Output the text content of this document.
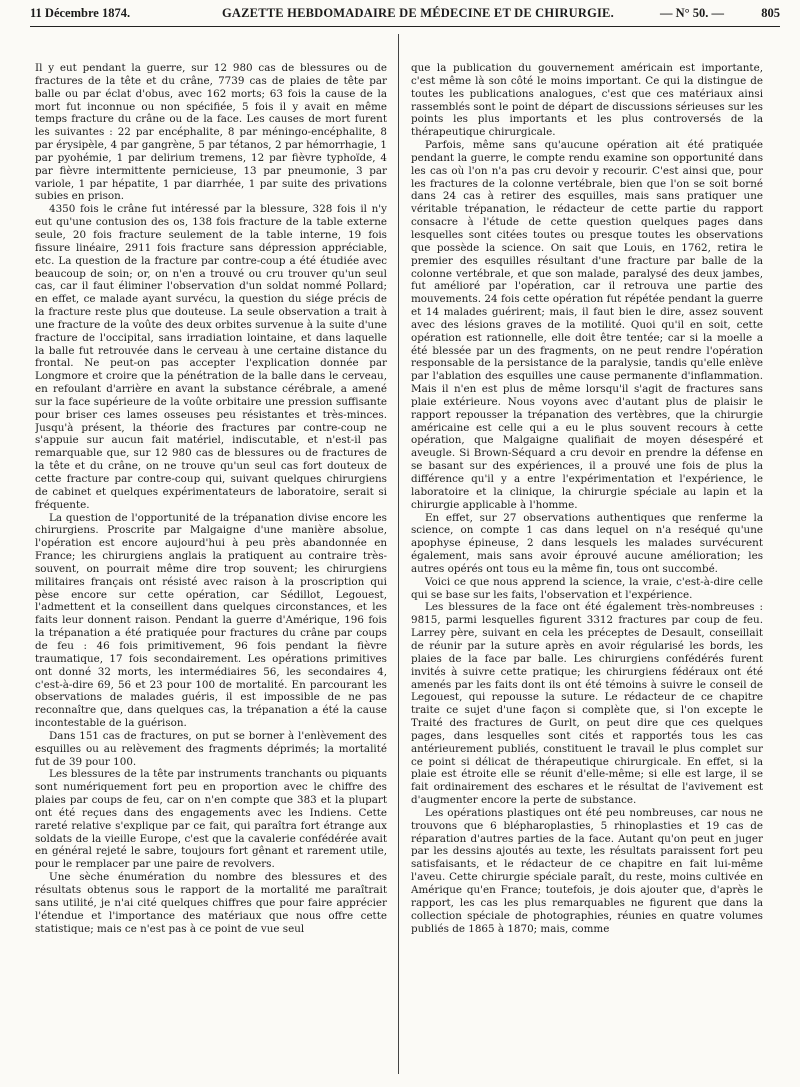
11 Décembre 1874.	GAZETTE HEBDOMADAIRE DE MÉDECINE ET DE CHIRURGIE.	— N° 50. —	805

Il y eut pendant la guerre, sur 12 980 cas de blessures ou de fractures de la tête et du crâne, 7739 cas de plaies de tête par balle ou par éclat d'obus, avec 162 morts; 63 fois la cause de la mort fut inconnue ou non spécifiée, 5 fois il y avait en même temps fracture du crâne ou de la face. Les causes de mort furent les suivantes : 22 par encéphalite, 8 par méningo-encéphalite, 8 par érysipèle, 4 par gangrène, 5 par tétanos, 2 par hémorrhagie, 1 par pyohémie, 1 par delirium tremens, 12 par fièvre typhoïde, 4 par fièvre intermittente pernicieuse, 13 par pneumonie, 3 par variole, 1 par hépatite, 1 par diarrhée, 1 par suite des privations subies en prison.

4350 fois le crâne fut intéressé par la blessure, 328 fois il n'y eut qu'une contusion des os, 138 fois fracture de la table externe seule, 20 fois fracture seulement de la table interne, 19 fois fissure linéaire, 2911 fois fracture sans dépression appréciable, etc. La question de la fracture par contre-coup a été étudiée avec beaucoup de soin; or, on n'en a trouvé ou cru trouver qu'un seul cas, car il faut éliminer l'observation d'un soldat nommé Pollard; en effet, ce malade ayant survécu, la question du siége précis de la fracture reste plus que douteuse. La seule observation a trait à une fracture de la voûte des deux orbites survenue à la suite d'une fracture de l'occipital, sans irradiation lointaine, et dans laquelle la balle fut retrouvée dans le cerveau à une certaine distance du frontal. Ne peut-on pas accepter l'explication donnée par Longmore et croire que la pénétration de la balle dans le cerveau, en refoulant d'arrière en avant la substance cérébrale, a amené sur la face supérieure de la voûte orbitaire une pression suffisante pour briser ces lames osseuses peu résistantes et très-minces. Jusqu'à présent, la théorie des fractures par contre-coup ne s'appuie sur aucun fait matériel, indiscutable, et n'est-il pas remarquable que, sur 12 980 cas de blessures ou de fractures de la tête et du crâne, on ne trouve qu'un seul cas fort douteux de cette fracture par contre-coup qui, suivant quelques chirurgiens de cabinet et quelques expérimentateurs de laboratoire, serait si fréquente.

La question de l'opportunité de la trépanation divise encore les chirurgiens. Proscrite par Malgaigne d'une manière absolue, l'opération est encore aujourd'hui à peu près abandonnée en France; les chirurgiens anglais la pratiquent au contraire très-souvent, on pourrait même dire trop souvent; les chirurgiens militaires français ont résisté avec raison à la proscription qui pèse encore sur cette opération, car Sédillot, Legouest, l'admettent et la conseillent dans quelques circonstances, et les faits leur donnent raison. Pendant la guerre d'Amérique, 196 fois la trépanation a été pratiquée pour fractures du crâne par coups de feu : 46 fois primitivement, 96 fois pendant la fièvre traumatique, 17 fois secondairement. Les opérations primitives ont donné 32 morts, les intermédiaires 56, les secondaires 4, c'est-à-dire 69, 56 et 23 pour 100 de mortalité. En parcourant les observations de malades guéris, il est impossible de ne pas reconnaître que, dans quelques cas, la trépanation a été la cause incontestable de la guérison.

Dans 151 cas de fractures, on put se borner à l'enlèvement des esquilles ou au relèvement des fragments déprimés; la mortalité fut de 39 pour 100.

Les blessures de la tête par instruments tranchants ou piquants sont numériquement fort peu en proportion avec le chiffre des plaies par coups de feu, car on n'en compte que 383 et la plupart ont été reçues dans des engagements avec les Indiens. Cette rareté relative s'explique par ce fait, qui paraîtra fort étrange aux soldats de la vieille Europe, c'est que la cavalerie confédérée avait en général rejeté le sabre, toujours fort gênant et rarement utile, pour le remplacer par une paire de revolvers.

Une sèche énumération du nombre des blessures et des résultats obtenus sous le rapport de la mortalité me paraîtrait sans utilité, je n'ai cité quelques chiffres que pour faire apprécier l'étendue et l'importance des matériaux que nous offre cette statistique; mais ce n'est pas à ce point de vue seul

que la publication du gouvernement américain est importante, c'est même là son côté le moins important. Ce qui la distingue de toutes les publications analogues, c'est que ces matériaux ainsi rassemblés sont le point de départ de discussions sérieuses sur les points les plus importants et les plus controversés de la thérapeutique chirurgicale.

Parfois, même sans qu'aucune opération ait été pratiquée pendant la guerre, le compte rendu examine son opportunité dans les cas où l'on n'a pas cru devoir y recourir. C'est ainsi que, pour les fractures de la colonne vertébrale, bien que l'on se soit borné dans 24 cas à retirer des esquilles, mais sans pratiquer une véritable trépanation, le rédacteur de cette partie du rapport consacre à l'étude de cette question quelques pages dans lesquelles sont citées toutes ou presque toutes les observations que possède la science. On sait que Louis, en 1762, retira le premier des esquilles résultant d'une fracture par balle de la colonne vertébrale, et que son malade, paralysé des deux jambes, fut amélioré par l'opération, car il retrouva une partie des mouvements. 24 fois cette opération fut répétée pendant la guerre et 14 malades guérirent; mais, il faut bien le dire, assez souvent avec des lésions graves de la motilité. Quoi qu'il en soit, cette opération est rationnelle, elle doit être tentée; car si la moelle a été blessée par un des fragments, on ne peut rendre l'opération responsable de la persistance de la paralysie, tandis qu'elle enlève par l'ablation des esquilles une cause permanente d'inflammation. Mais il n'en est plus de même lorsqu'il s'agit de fractures sans plaie extérieure. Nous voyons avec d'autant plus de plaisir le rapport repousser la trépanation des vertèbres, que la chirurgie américaine est celle qui a eu le plus souvent recours à cette opération, que Malgaigne qualifiait de moyen désespéré et aveugle. Si Brown-Séquard a cru devoir en prendre la défense en se basant sur des expériences, il a prouvé une fois de plus la différence qu'il y a entre l'expérimentation et l'expérience, le laboratoire et la clinique, la chirurgie spéciale au lapin et la chirurgie applicable à l'homme.

En effet, sur 27 observations authentiques que renferme la science, on compte 1 cas dans lequel on n'a reséqué qu'une apophyse épineuse, 2 dans lesquels les malades survécurent également, mais sans avoir éprouvé aucune amélioration; les autres opérés ont tous eu la même fin, tous ont succombé.

Voici ce que nous apprend la science, la vraie, c'est-à-dire celle qui se base sur les faits, l'observation et l'expérience.

Les blessures de la face ont été également très-nombreuses : 9815, parmi lesquelles figurent 3312 fractures par coup de feu. Larrey père, suivant en cela les préceptes de Desault, conseillait de réunir par la suture après en avoir régularisé les bords, les plaies de la face par balle. Les chirurgiens confédérés furent invités à suivre cette pratique; les chirurgiens fédéraux ont été amenés par les faits dont ils ont été témoins à suivre le conseil de Legouest, qui repousse la suture. Le rédacteur de ce chapitre traite ce sujet d'une façon si complète que, si l'on excepte le Traité des fractures de Gurlt, on peut dire que ces quelques pages, dans lesquelles sont cités et rapportés tous les cas antérieurement publiés, constituent le travail le plus complet sur ce point si délicat de thérapeutique chirurgicale. En effet, si la plaie est étroite elle se réunit d'elle-même; si elle est large, il se fait ordinairement des eschares et le résultat de l'avivement est d'augmenter encore la perte de substance.

Les opérations plastiques ont été peu nombreuses, car nous ne trouvons que 6 blépharoplasties, 5 rhinoplasties et 19 cas de réparation d'autres parties de la face. Autant qu'on peut en juger par les dessins ajoutés au texte, les résultats paraissent fort peu satisfaisants, et le rédacteur de ce chapitre en fait lui-même l'aveu. Cette chirurgie spéciale paraît, du reste, moins cultivée en Amérique qu'en France; toutefois, je dois ajouter que, d'après le rapport, les cas les plus remarquables ne figurent que dans la collection spéciale de photographies, réunies en quatre volumes publiés de 1865 à 1870; mais, comme
